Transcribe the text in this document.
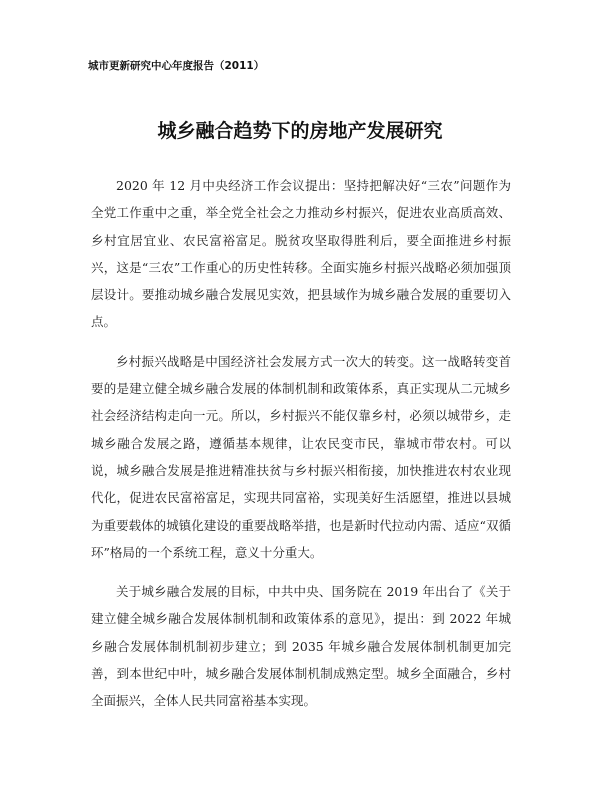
城市更新研究中心年度报告（2011）
城乡融合趋势下的房地产发展研究

2020 年 12 月中央经济工作会议提出：坚持把解决好“三农”问题作为全党工作重中之重，举全党全社会之力推动乡村振兴，促进农业高质高效、乡村宜居宜业、农民富裕富足。脱贫攻坚取得胜利后，要全面推进乡村振兴，这是“三农”工作重心的历史性转移。全面实施乡村振兴战略必须加强顶层设计。要推动城乡融合发展见实效，把县域作为城乡融合发展的重要切入点。

乡村振兴战略是中国经济社会发展方式一次大的转变。这一战略转变首要的是建立健全城乡融合发展的体制机制和政策体系，真正实现从二元城乡社会经济结构走向一元。所以，乡村振兴不能仅靠乡村，必须以城带乡，走城乡融合发展之路，遵循基本规律，让农民变市民，靠城市带农村。可以说，城乡融合发展是推进精准扶贫与乡村振兴相衔接，加快推进农村农业现代化，促进农民富裕富足，实现共同富裕，实现美好生活愿望，推进以县城为重要载体的城镇化建设的重要战略举措，也是新时代拉动内需、适应“双循环”格局的一个系统工程，意义十分重大。

关于城乡融合发展的目标，中共中央、国务院在 2019 年出台了《关于建立健全城乡融合发展体制机制和政策体系的意见》，提出：到 2022 年城乡融合发展体制机制初步建立；到 2035 年城乡融合发展体制机制更加完善，到本世纪中叶，城乡融合发展体制机制成熟定型。城乡全面融合，乡村全面振兴，全体人民共同富裕基本实现。
